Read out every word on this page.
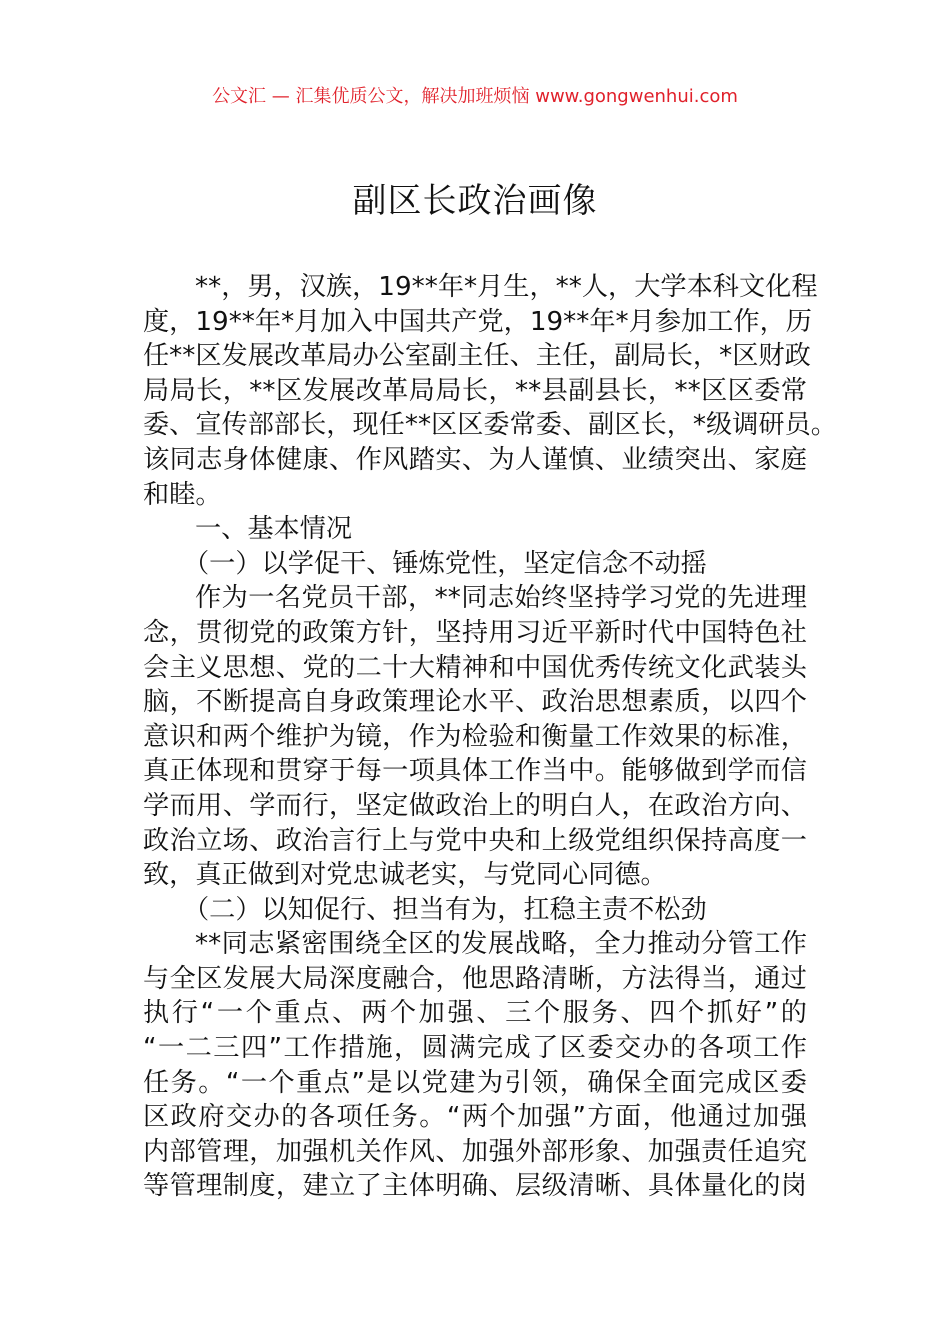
公文汇 — 汇集优质公文，解决加班烦恼 www.gongwenhui.com
副区长政治画像
**，男，汉族，19**年*月生，**人，大学本科文化程
度，19**年*月加入中国共产党，19**年*月参加工作，历
任**区发展改革局办公室副主任、主任，副局长，*区财政
局局长，**区发展改革局局长，**县副县长，**区区委常
委、宣传部部长，现任**区区委常委、副区长，*级调研员。
该同志身体健康、作风踏实、为人谨慎、业绩突出、家庭
和睦。
一、基本情况
（一）以学促干、锤炼党性，坚定信念不动摇
作为一名党员干部，**同志始终坚持学习党的先进理
念，贯彻党的政策方针，坚持用习近平新时代中国特色社
会主义思想、党的二十大精神和中国优秀传统文化武装头
脑，不断提高自身政策理论水平、政治思想素质，以四个
意识和两个维护为镜，作为检验和衡量工作效果的标准，
真正体现和贯穿于每一项具体工作当中。能够做到学而信
学而用、学而行，坚定做政治上的明白人，在政治方向、
政治立场、政治言行上与党中央和上级党组织保持高度一
致，真正做到对党忠诚老实，与党同心同德。
（二）以知促行、担当有为，扛稳主责不松劲
**同志紧密围绕全区的发展战略，全力推动分管工作
与全区发展大局深度融合，他思路清晰，方法得当，通过
执行“一个重点、两个加强、三个服务、四个抓好”的
“一二三四”工作措施，圆满完成了区委交办的各项工作
任务。“一个重点”是以党建为引领，确保全面完成区委
区政府交办的各项任务。“两个加强”方面，他通过加强
内部管理，加强机关作风、加强外部形象、加强责任追究
等管理制度，建立了主体明确、层级清晰、具体量化的岗
